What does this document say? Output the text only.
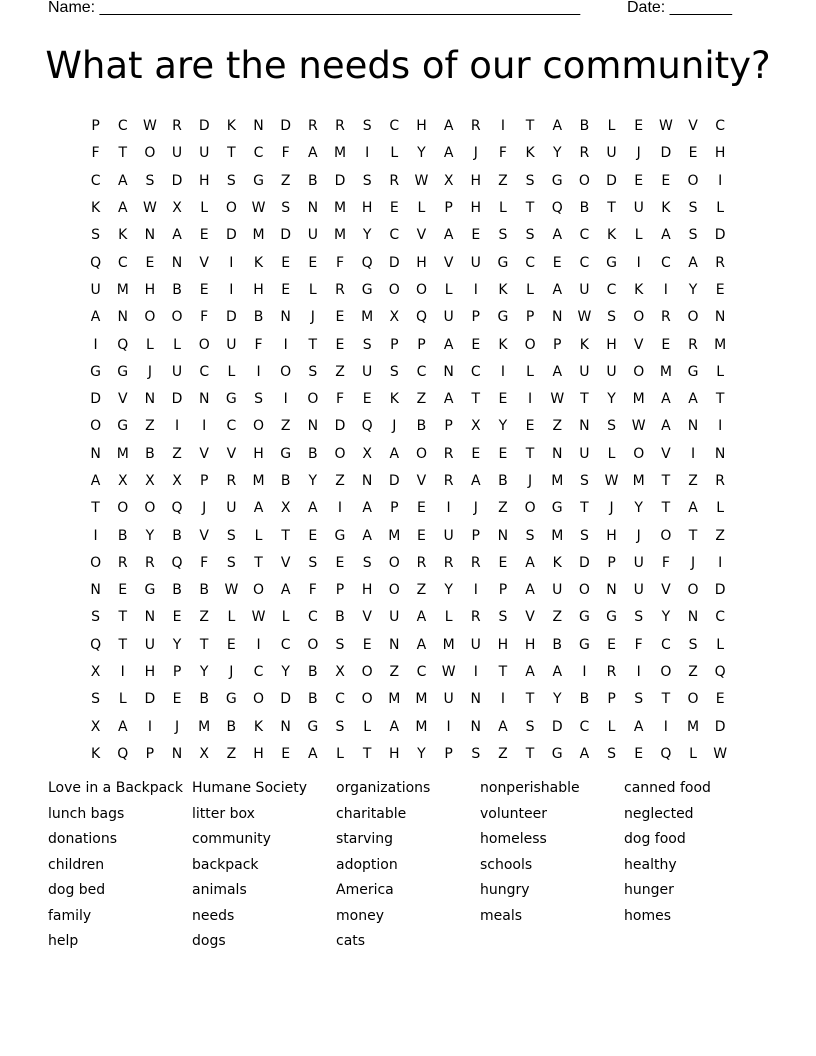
Name: ______________________________________________________	Date: _______
What are the needs of our community?
P	C	W	R	D	K	N	D	R	R	S	C	H	A	R	I	T	A	B	L	E	W	V	C
F	T	O	U	U	T	C	F	A	M	I	L	Y	A	J	F	K	Y	R	U	J	D	E	H
C	A	S	D	H	S	G	Z	B	D	S	R	W	X	H	Z	S	G	O	D	E	E	O	I
K	A	W	X	L	O	W	S	N	M	H	E	L	P	H	L	T	Q	B	T	U	K	S	L
S	K	N	A	E	D	M	D	U	M	Y	C	V	A	E	S	S	A	C	K	L	A	S	D
Q	C	E	N	V	I	K	E	E	F	Q	D	H	V	U	G	C	E	C	G	I	C	A	R
U	M	H	B	E	I	H	E	L	R	G	O	O	L	I	K	L	A	U	C	K	I	Y	E
A	N	O	O	F	D	B	N	J	E	M	X	Q	U	P	G	P	N	W	S	O	R	O	N
I	Q	L	L	O	U	F	I	T	E	S	P	P	A	E	K	O	P	K	H	V	E	R	M
G	G	J	U	C	L	I	O	S	Z	U	S	C	N	C	I	L	A	U	U	O	M	G	L
D	V	N	D	N	G	S	I	O	F	E	K	Z	A	T	E	I	W	T	Y	M	A	A	T
O	G	Z	I	I	C	O	Z	N	D	Q	J	B	P	X	Y	E	Z	N	S	W	A	N	I
N	M	B	Z	V	V	H	G	B	O	X	A	O	R	E	E	T	N	U	L	O	V	I	N
A	X	X	X	P	R	M	B	Y	Z	N	D	V	R	A	B	J	M	S	W	M	T	Z	R
T	O	O	Q	J	U	A	X	A	I	A	P	E	I	J	Z	O	G	T	J	Y	T	A	L
I	B	Y	B	V	S	L	T	E	G	A	M	E	U	P	N	S	M	S	H	J	O	T	Z
O	R	R	Q	F	S	T	V	S	E	S	O	R	R	R	E	A	K	D	P	U	F	J	I
N	E	G	B	B	W	O	A	F	P	H	O	Z	Y	I	P	A	U	O	N	U	V	O	D
S	T	N	E	Z	L	W	L	C	B	V	U	A	L	R	S	V	Z	G	G	S	Y	N	C
Q	T	U	Y	T	E	I	C	O	S	E	N	A	M	U	H	H	B	G	E	F	C	S	L
X	I	H	P	Y	J	C	Y	B	X	O	Z	C	W	I	T	A	A	I	R	I	O	Z	Q
S	L	D	E	B	G	O	D	B	C	O	M	M	U	N	I	T	Y	B	P	S	T	O	E
X	A	I	J	M	B	K	N	G	S	L	A	M	I	N	A	S	D	C	L	A	I	M	D
K	Q	P	N	X	Z	H	E	A	L	T	H	Y	P	S	Z	T	G	A	S	E	Q	L	W
Love in a Backpack
lunch bags
donations
children
dog bed
family
help
Humane Society
litter box
community
backpack
animals
needs
dogs
organizations
charitable
starving
adoption
America
money
cats
nonperishable
volunteer
homeless
schools
hungry
meals
canned food
neglected
dog food
healthy
hunger
homes
